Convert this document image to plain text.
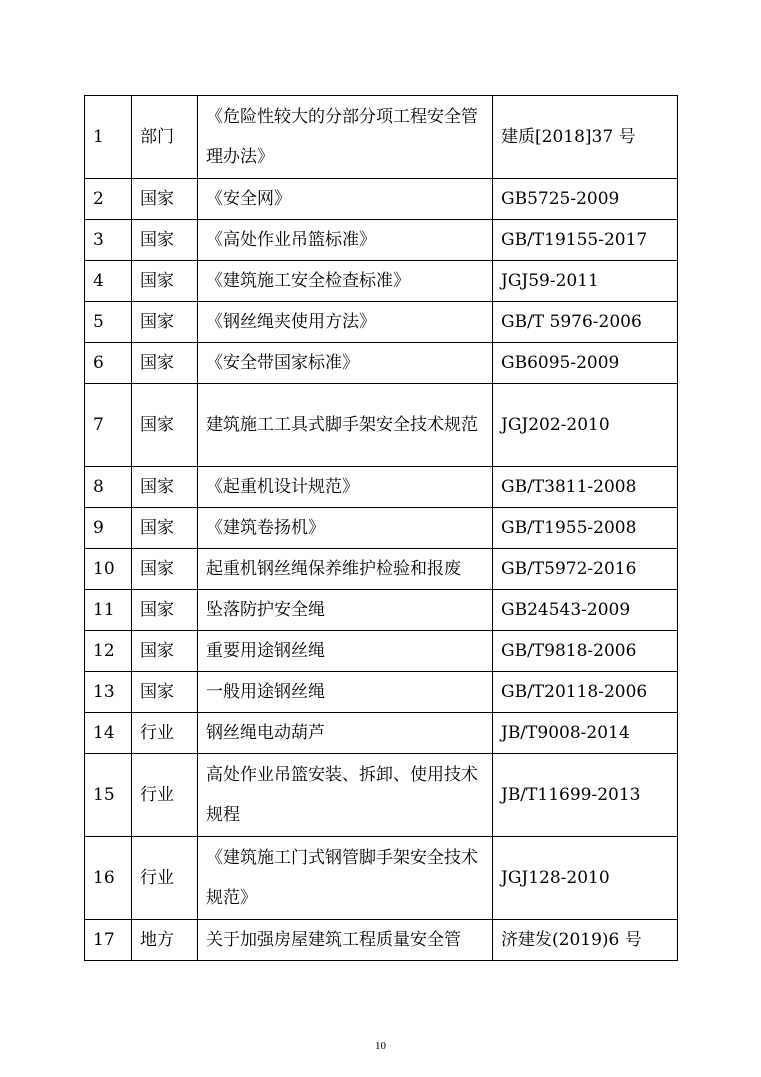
1	部门	《危险性较大的分部分项工程安全管理办法》	建质[2018]37 号
2	国家	《安全网》	GB5725-2009
3	国家	《高处作业吊篮标准》	GB/T19155-2017
4	国家	《建筑施工安全检查标准》	JGJ59-2011
5	国家	《钢丝绳夹使用方法》	GB/T 5976-2006
6	国家	《安全带国家标准》	GB6095-2009
7	国家	建筑施工工具式脚手架安全技术规范	JGJ202-2010
8	国家	《起重机设计规范》	GB/T3811-2008
9	国家	《建筑卷扬机》	GB/T1955-2008
10	国家	起重机钢丝绳保养维护检验和报废	GB/T5972-2016
11	国家	坠落防护安全绳	GB24543-2009
12	国家	重要用途钢丝绳	GB/T9818-2006
13	国家	一般用途钢丝绳	GB/T20118-2006
14	行业	钢丝绳电动葫芦	JB/T9008-2014
15	行业	高处作业吊篮安装、拆卸、使用技术规程	JB/T11699-2013
16	行业	《建筑施工门式钢管脚手架安全技术规范》	JGJ128-2010
17	地方	关于加强房屋建筑工程质量安全管	济建发(2019)6 号
10
